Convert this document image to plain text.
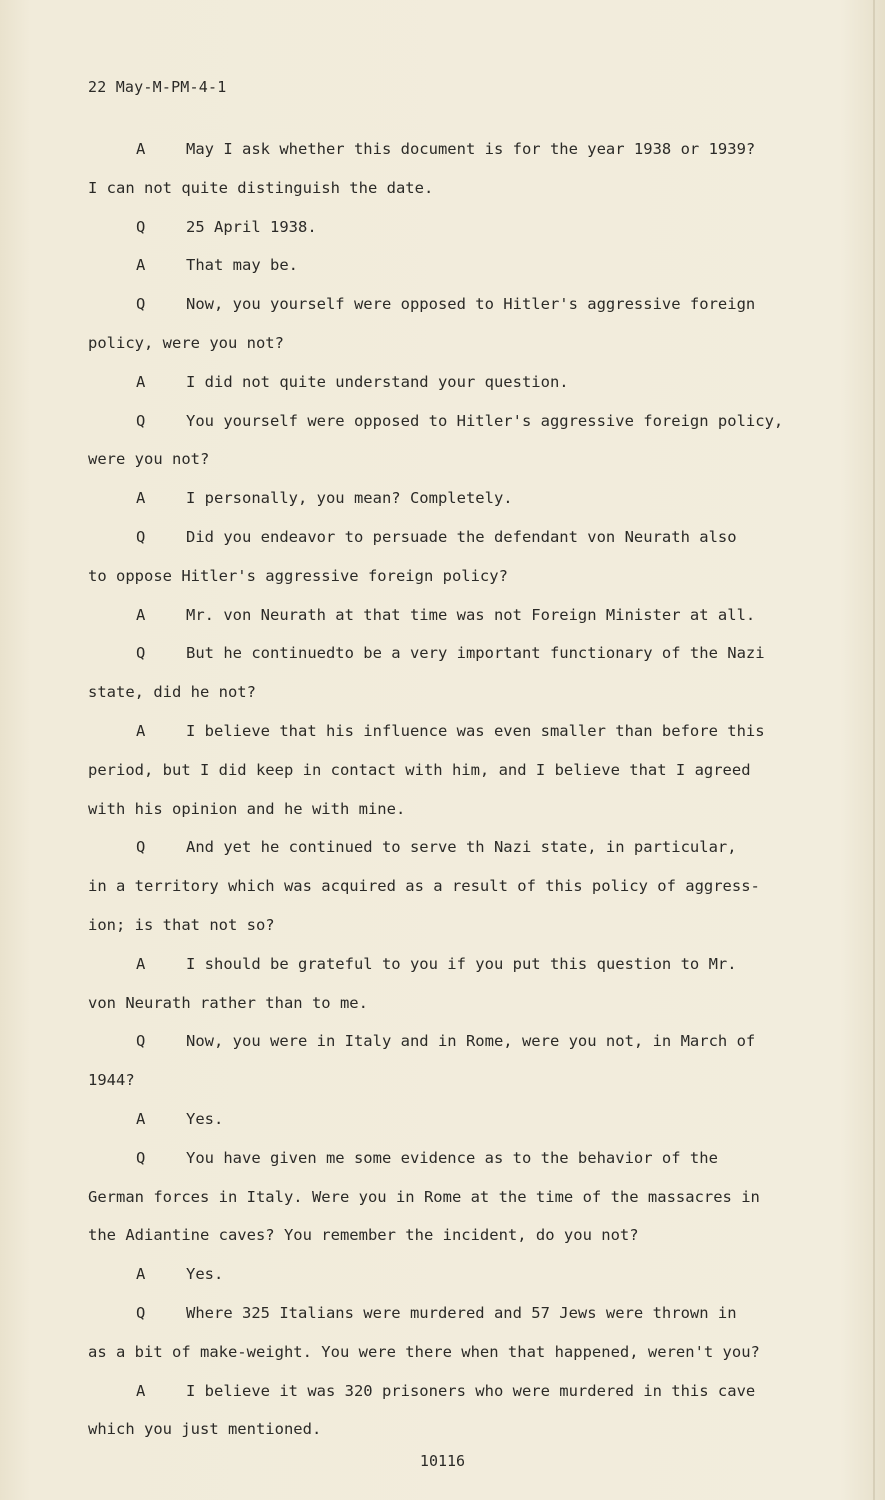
22 May-M-PM-4-1
A	May I ask whether this document is for the year 1938 or 1939?
I can not quite distinguish the date.
Q	25 April 1938.
A	That may be.
Q	Now, you yourself were opposed to Hitler's aggressive foreign
policy, were you not?
A	I did not quite understand your question.
Q	You yourself were opposed to Hitler's aggressive foreign policy,
were you not?
A	I personally, you mean? Completely.
Q	Did you endeavor to persuade the defendant von Neurath also
to oppose Hitler's aggressive foreign policy?
A	Mr. von Neurath at that time was not Foreign Minister at all.
Q	But he continuedto be a very important functionary of the Nazi
state, did he not?
A	I believe that his influence was even smaller than before this
period, but I did keep in contact with him, and I believe that I agreed
with his opinion and he with mine.
Q	And yet he continued to serve th Nazi state, in particular,
in a territory which was acquired as a result of this policy of aggress-
ion; is that not so?
A	I should be grateful to you if you put this question to Mr.
von Neurath rather than to me.
Q	Now, you were in Italy and in Rome, were you not, in March of
1944?
A	Yes.
Q	You have given me some evidence as to the behavior of the
German forces in Italy. Were you in Rome at the time of the massacres in
the Adiantine caves? You remember the incident, do you not?
A	Yes.
Q	Where 325 Italians were murdered and 57 Jews were thrown in
as a bit of make-weight. You were there when that happened, weren't you?
A	I believe it was 320 prisoners who were murdered in this cave
which you just mentioned.
10116
